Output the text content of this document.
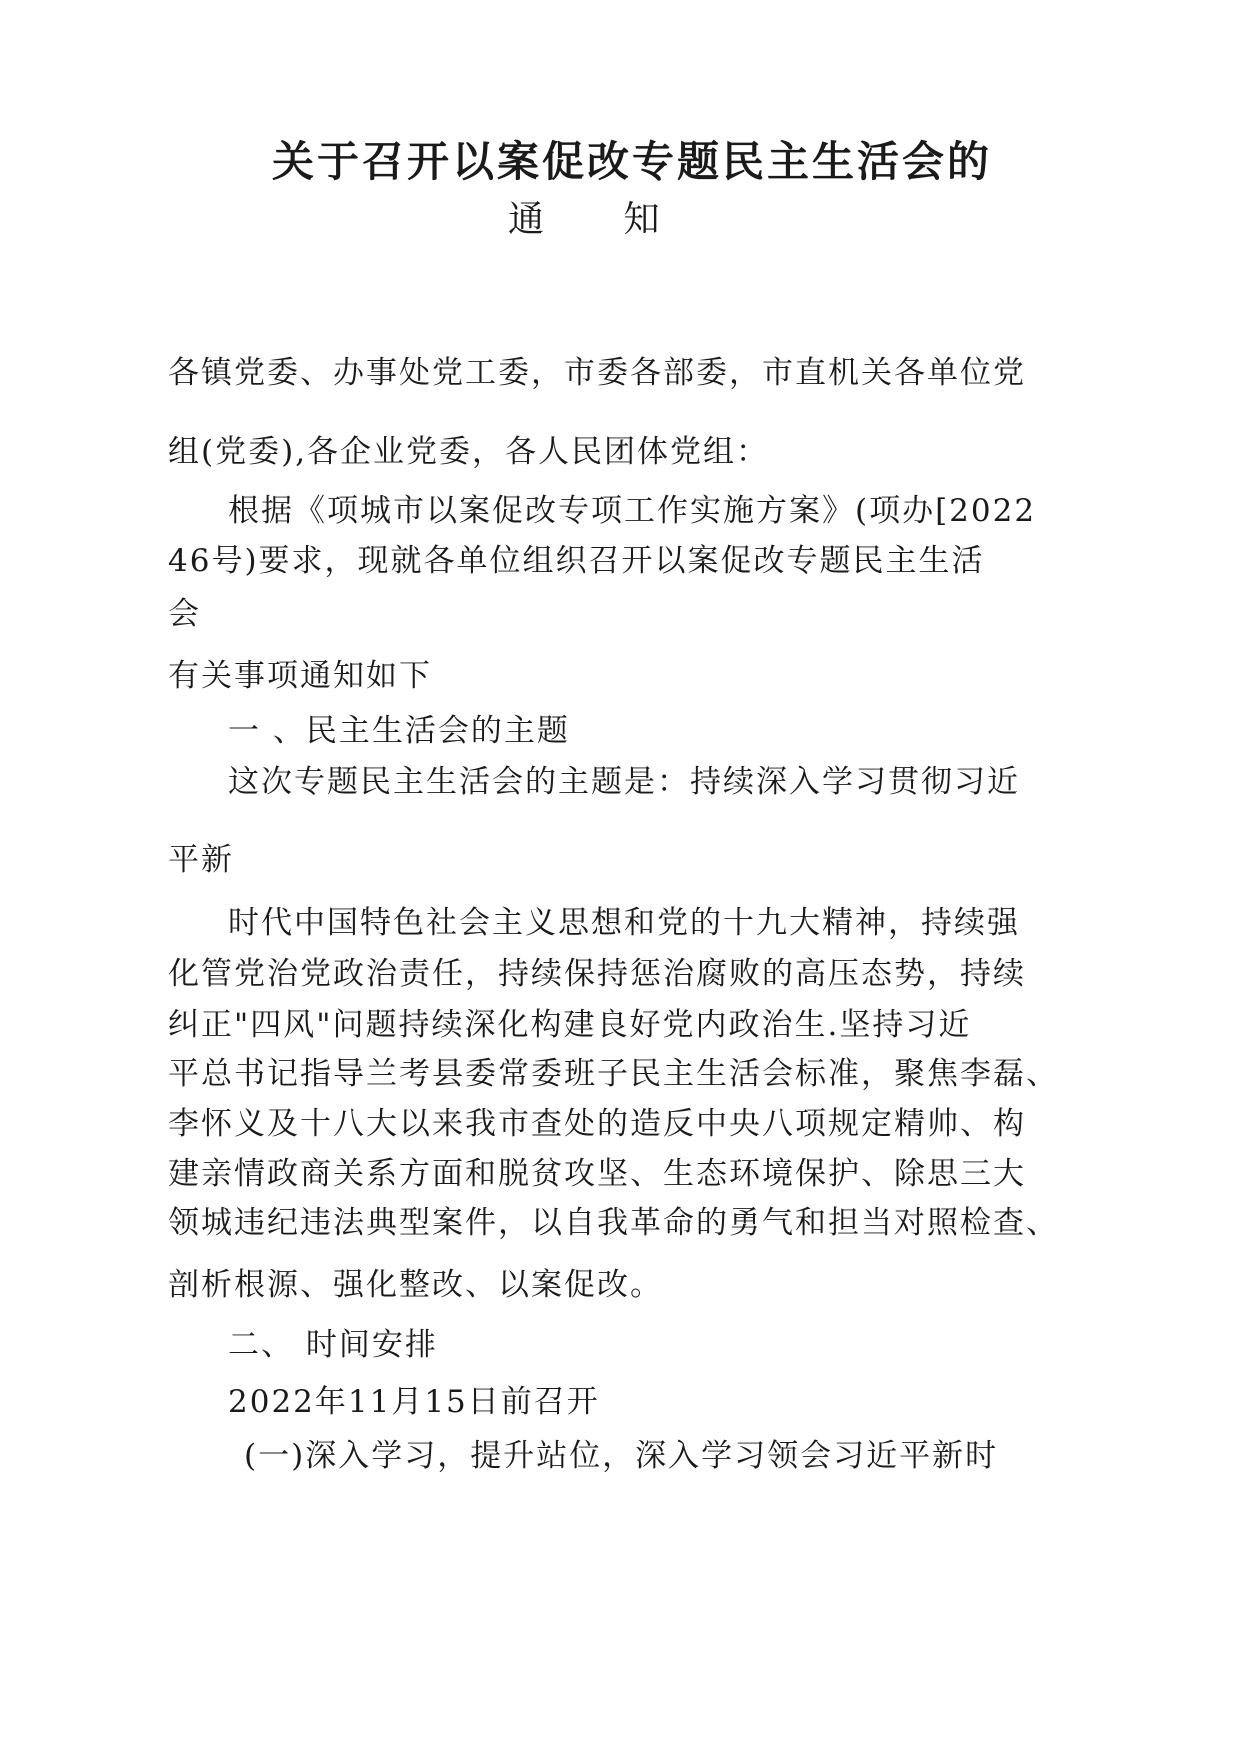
关于召开以案促改专题民主生活会的
通 知
各镇党委、办事处党工委，市委各部委，市直机关各单位党
组(党委),各企业党委，各人民团体党组：
根据《项城市以案促改专项工作实施方案》(项办[2022
46号)要求，现就各单位组织召开以案促改专题民主生活
会
有关事项通知如下
一 、民主生活会的主题
这次专题民主生活会的主题是：持续深入学习贯彻习近
平新
时代中国特色社会主义思想和党的十九大精神，持续强
化管党治党政治责任，持续保持惩治腐败的高压态势，持续
纠正"四风"问题持续深化构建良好党内政治生.坚持习近
平总书记指导兰考县委常委班子民主生活会标准，聚焦李磊、
李怀义及十八大以来我市查处的造反中央八项规定精帅、构
建亲情政商关系方面和脱贫攻坚、生态环境保护、除思三大
领城违纪违法典型案件，以自我革命的勇气和担当对照检查、
剖析根源、强化整改、以案促改。
二、 时间安排
2022年11月15日前召开
(一)深入学习，提升站位，深入学习领会习近平新时
